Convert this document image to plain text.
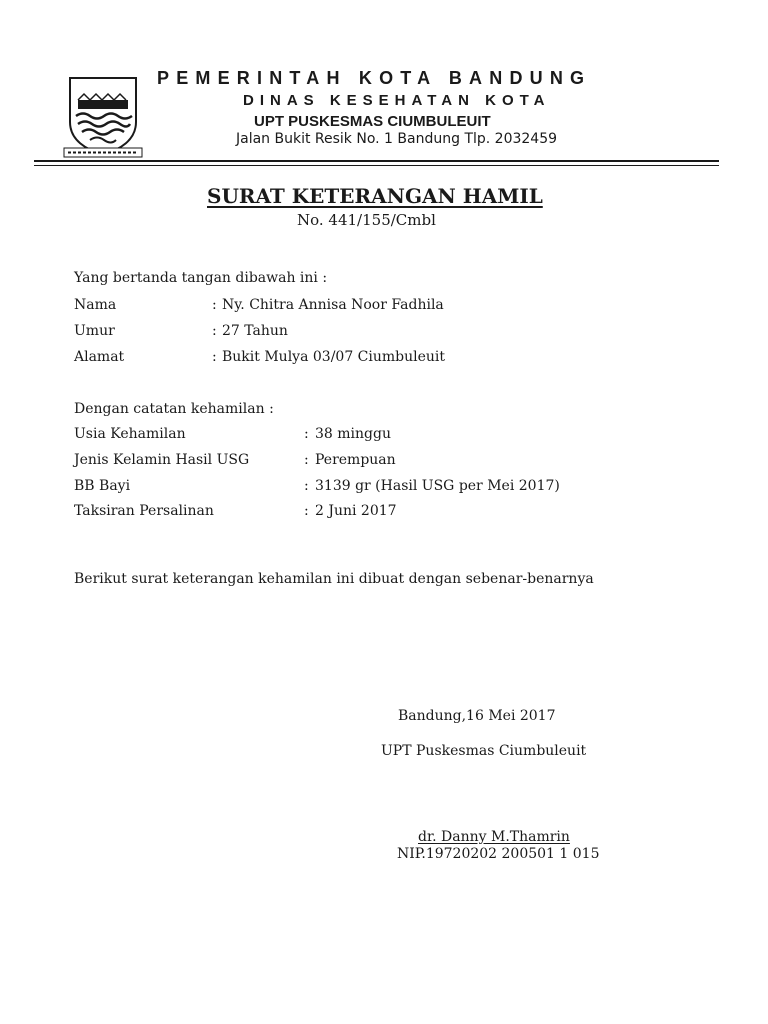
PEMERINTAH KOTA BANDUNG
DINAS KESEHATAN KOTA
UPT PUSKESMAS CIUMBULEUIT
Jalan Bukit Resik No. 1 Bandung Tlp. 2032459
SURAT KETERANGAN HAMIL
No. 441/155/Cmbl
Yang bertanda tangan dibawah ini :
Nama	: Ny. Chitra Annisa Noor Fadhila
Umur	: 27 Tahun
Alamat	: Bukit Mulya 03/07 Ciumbuleuit
Dengan catatan kehamilan :
Usia Kehamilan	: 38 minggu
Jenis Kelamin Hasil USG	: Perempuan
BB Bayi	: 3139 gr (Hasil USG per Mei 2017)
Taksiran Persalinan	: 2 Juni 2017
Berikut surat keterangan kehamilan ini dibuat dengan sebenar-benarnya
Bandung,16 Mei 2017
UPT Puskesmas Ciumbuleuit
dr. Danny M.Thamrin
NIP.19720202 200501 1 015
